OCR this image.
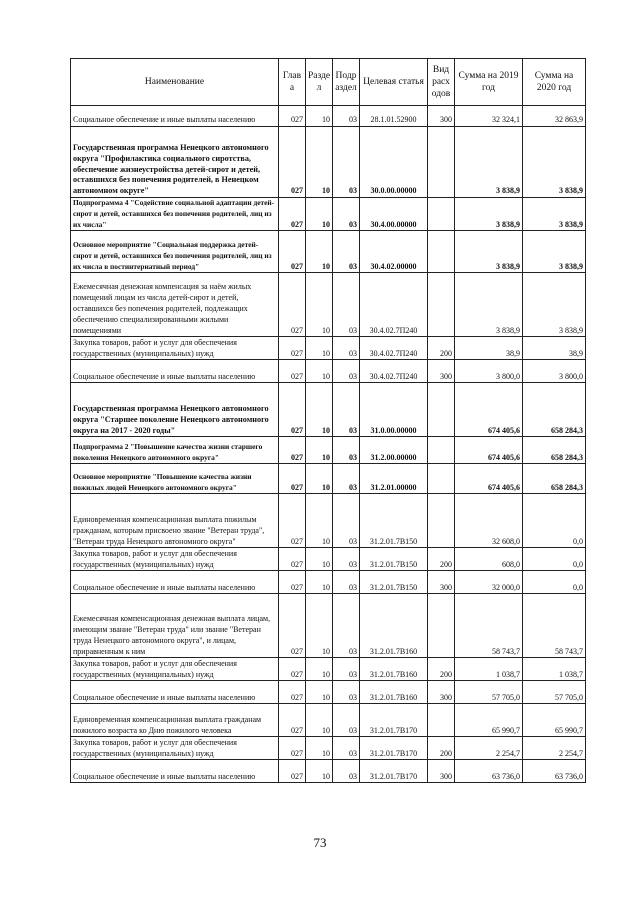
Наименование	Глав а	Разде л	Подр аздел	Целевая статья	Вид расх одов	Сумма на 2019 год	Сумма на 2020 год
Социальное обеспечение и иные выплаты населению	027	10	03	28.1.01.52900	300	32 324,1	32 863,9
Государственная программа Ненецкого автономного округа "Профилактика социального сиротства, обеспечение жизнеустройства детей-сирот и детей, оставшихся без попечения родителей, в Ненецком автономном округе"	027	10	03	30.0.00.00000		3 838,9	3 838,9
Подпрограмма 4 "Содействие социальной адаптации детей-сирот и детей, оставшихся без попечения родителей, лиц из их числа"	027	10	03	30.4.00.00000		3 838,9	3 838,9
Основное мероприятие "Социальная поддержка детей-сирот и детей, оставшихся без попечения родителей, лиц из их числа в постинтернатный период"	027	10	03	30.4.02.00000		3 838,9	3 838,9
Ежемесячная денежная компенсация за наём жилых помещений лицам из числа детей-сирот и детей, оставшихся без попечения родителей, подлежащих обеспечению специализированными жилыми помещениями	027	10	03	30.4.02.7П240		3 838,9	3 838,9
Закупка товаров, работ и услуг для обеспечения государственных (муниципальных) нужд	027	10	03	30.4.02.7П240	200	38,9	38,9
Социальное обеспечение и иные выплаты населению	027	10	03	30.4.02.7П240	300	3 800,0	3 800,0
Государственная программа Ненецкого автономного округа "Старшее поколение Ненецкого автономного округа на 2017 - 2020 годы"	027	10	03	31.0.00.00000		674 405,6	658 284,3
Подпрограмма 2 "Повышение качества жизни старшего поколения Ненецкого автономного округа"	027	10	03	31.2.00.00000		674 405,6	658 284,3
Основное мероприятие "Повышение качества жизни пожилых людей Ненецкого автономного округа"	027	10	03	31.2.01.00000		674 405,6	658 284,3
Единовременная компенсационная выплата пожилым гражданам, которым присвоено звание "Ветеран труда", "Ветеран труда Ненецкого автономного округа"	027	10	03	31.2.01.7В150		32 608,0	0,0
Закупка товаров, работ и услуг для обеспечения государственных (муниципальных) нужд	027	10	03	31.2.01.7В150	200	608,0	0,0
Социальное обеспечение и иные выплаты населению	027	10	03	31.2.01.7В150	300	32 000,0	0,0
Ежемесячная компенсационная денежная выплата лицам, имеющим звание "Ветеран труда" или звание "Ветеран труда Ненецкого автономного округа", и лицам, приравненным к ним	027	10	03	31.2.01.7В160		58 743,7	58 743,7
Закупка товаров, работ и услуг для обеспечения государственных (муниципальных) нужд	027	10	03	31.2.01.7В160	200	1 038,7	1 038,7
Социальное обеспечение и иные выплаты населению	027	10	03	31.2.01.7В160	300	57 705,0	57 705,0
Единовременная компенсационная выплата гражданам пожилого возраста ко Дню пожилого человека	027	10	03	31.2.01.7В170		65 990,7	65 990,7
Закупка товаров, работ и услуг для обеспечения государственных (муниципальных) нужд	027	10	03	31.2.01.7В170	200	2 254,7	2 254,7
Социальное обеспечение и иные выплаты населению	027	10	03	31.2.01.7В170	300	63 736,0	63 736,0
73
